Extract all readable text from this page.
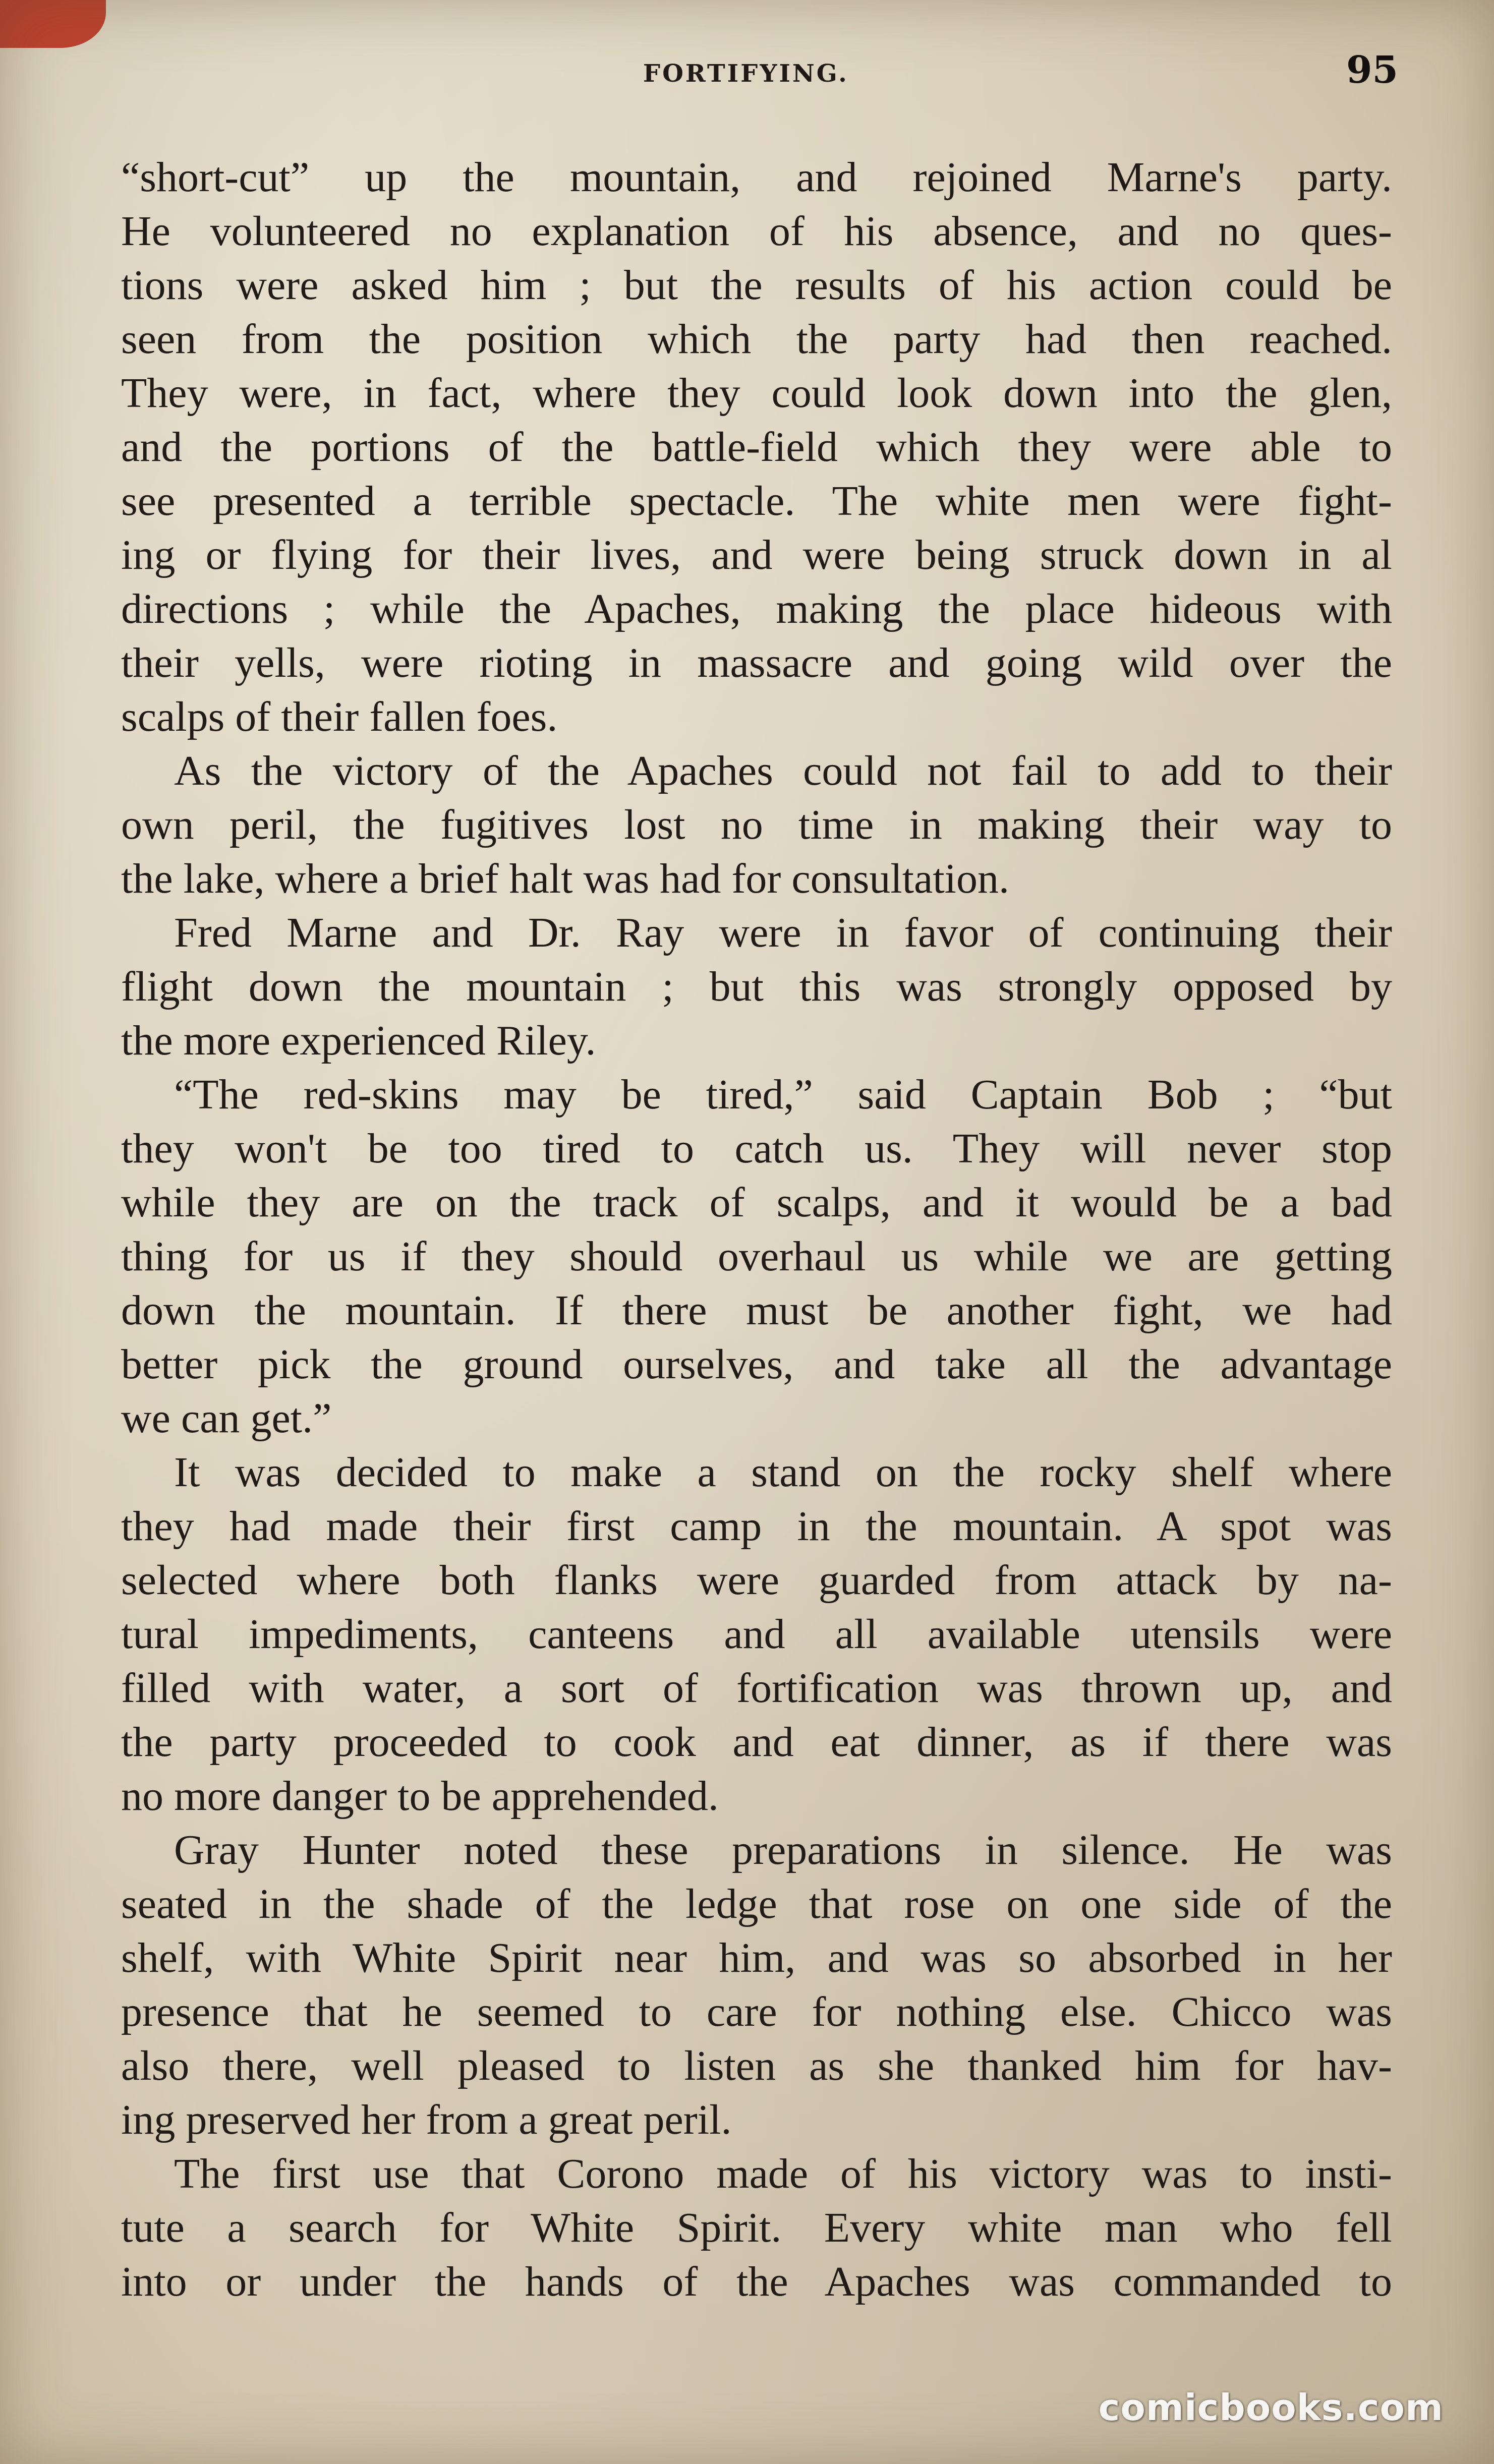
FORTIFYING.	95
“short-cut” up the mountain, and rejoined Marne's party.
He volunteered no explanation of his absence, and no ques-
tions were asked him ; but the results of his action could be
seen from the position which the party had then reached.
They were, in fact, where they could look down into the glen,
and the portions of the battle-field which they were able to
see presented a terrible spectacle. The white men were fight-
ing or flying for their lives, and were being struck down in al
directions ; while the Apaches, making the place hideous with
their yells, were rioting in massacre and going wild over the
scalps of their fallen foes.
As the victory of the Apaches could not fail to add to their
own peril, the fugitives lost no time in making their way to
the lake, where a brief halt was had for consultation.
Fred Marne and Dr. Ray were in favor of continuing their
flight down the mountain ; but this was strongly opposed by
the more experienced Riley.
“The red-skins may be tired,” said Captain Bob ; “but
they won't be too tired to catch us. They will never stop
while they are on the track of scalps, and it would be a bad
thing for us if they should overhaul us while we are getting
down the mountain. If there must be another fight, we had
better pick the ground ourselves, and take all the advantage
we can get.”
It was decided to make a stand on the rocky shelf where
they had made their first camp in the mountain. A spot was
selected where both flanks were guarded from attack by na-
tural impediments, canteens and all available utensils were
filled with water, a sort of fortification was thrown up, and
the party proceeded to cook and eat dinner, as if there was
no more danger to be apprehended.
Gray Hunter noted these preparations in silence. He was
seated in the shade of the ledge that rose on one side of the
shelf, with White Spirit near him, and was so absorbed in her
presence that he seemed to care for nothing else. Chicco was
also there, well pleased to listen as she thanked him for hav-
ing preserved her from a great peril.
The first use that Corono made of his victory was to insti-
tute a search for White Spirit. Every white man who fell
into or under the hands of the Apaches was commanded to
comicbooks.com
